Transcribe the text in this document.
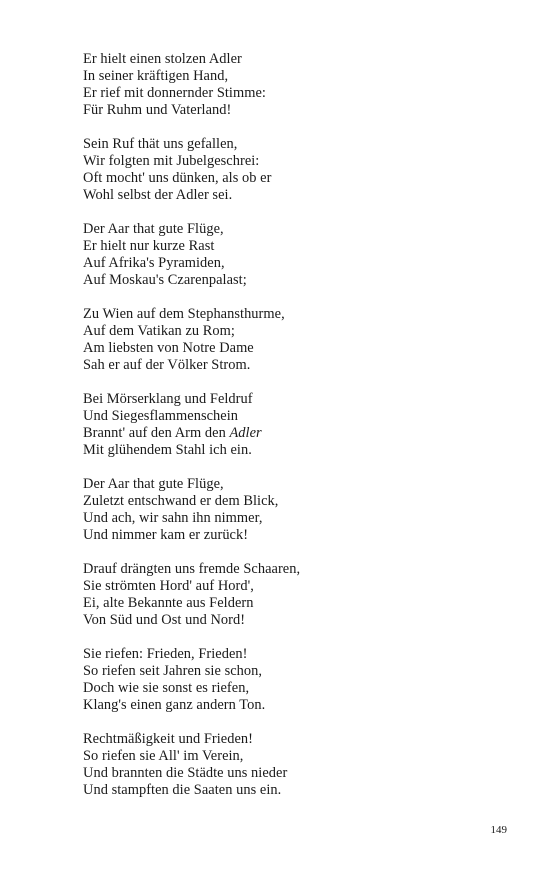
Er hielt einen stolzen Adler
In seiner kräftigen Hand,
Er rief mit donnernder Stimme:
Für Ruhm und Vaterland!
Sein Ruf thät uns gefallen,
Wir folgten mit Jubelgeschrei:
Oft mocht' uns dünken, als ob er
Wohl selbst der Adler sei.
Der Aar that gute Flüge,
Er hielt nur kurze Rast
Auf Afrika's Pyramiden,
Auf Moskau's Czarenpalast;
Zu Wien auf dem Stephansthurme,
Auf dem Vatikan zu Rom;
Am liebsten von Notre Dame
Sah er auf der Völker Strom.
Bei Mörserklang und Feldruf
Und Siegesflammenschein
Brannt' auf den Arm den Adler
Mit glühendem Stahl ich ein.
Der Aar that gute Flüge,
Zuletzt entschwand er dem Blick,
Und ach, wir sahn ihn nimmer,
Und nimmer kam er zurück!
Drauf drängten uns fremde Schaaren,
Sie strömten Hord' auf Hord',
Ei, alte Bekannte aus Feldern
Von Süd und Ost und Nord!
Sie riefen: Frieden, Frieden!
So riefen seit Jahren sie schon,
Doch wie sie sonst es riefen,
Klang's einen ganz andern Ton.
Rechtmäßigkeit und Frieden!
So riefen sie All' im Verein,
Und brannten die Städte uns nieder
Und stampften die Saaten uns ein.
149
